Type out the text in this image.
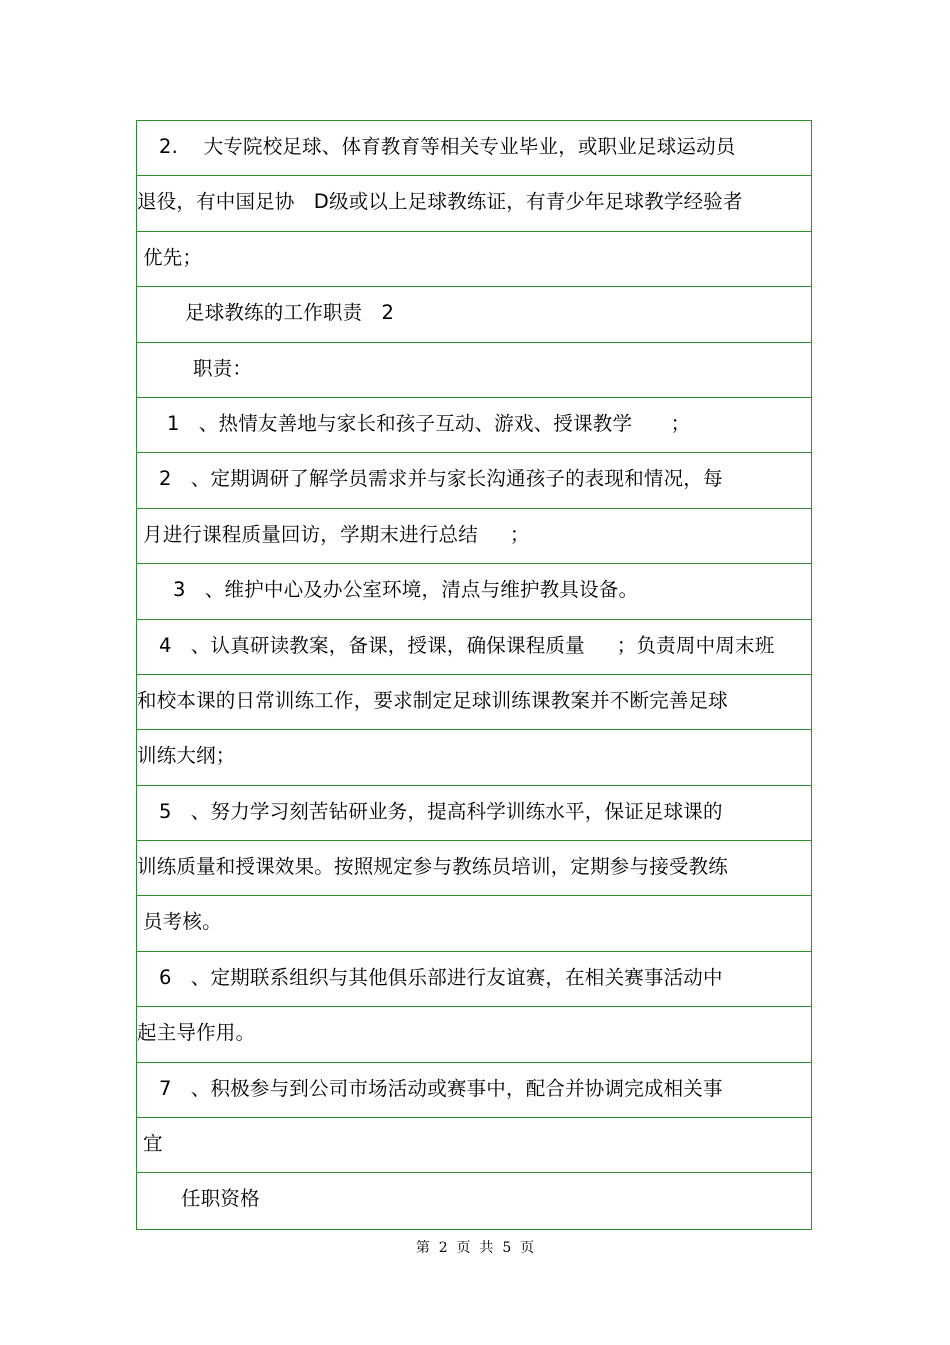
2.    大专院校足球、体育教育等相关专业毕业，或职业足球运动员
退役，有中国足协   D级或以上足球教练证，有青少年足球教学经验者
优先；
足球教练的工作职责   2
职责：
1   、热情友善地与家长和孩子互动、游戏、授课教学      ；
2   、定期调研了解学员需求并与家长沟通孩子的表现和情况，每
月进行课程质量回访，学期末进行总结     ；
3   、维护中心及办公室环境，清点与维护教具设备。
4   、认真研读教案，备课，授课，确保课程质量     ；负责周中周末班
和校本课的日常训练工作，要求制定足球训练课教案并不断完善足球
训练大纲；
5   、努力学习刻苦钻研业务，提高科学训练水平，保证足球课的
训练质量和授课效果。按照规定参与教练员培训，定期参与接受教练
员考核。
6   、定期联系组织与其他俱乐部进行友谊赛，在相关赛事活动中
起主导作用。
7   、积极参与到公司市场活动或赛事中，配合并协调完成相关事
宜
任职资格
第  2  页  共  5  页
